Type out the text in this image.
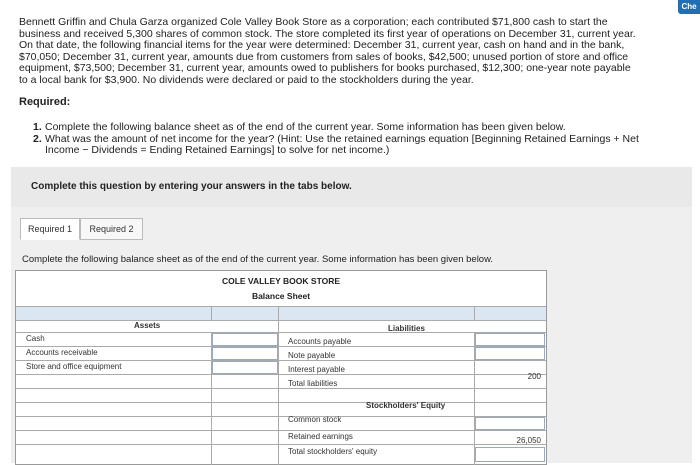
Che
Bennett Griffin and Chula Garza organized Cole Valley Book Store as a corporation; each contributed $71,800 cash to start the business and received 5,300 shares of common stock. The store completed its first year of operations on December 31, current year. On that date, the following financial items for the year were determined: December 31, current year, cash on hand and in the bank, $70,050; December 31, current year, amounts due from customers from sales of books, $42,500; unused portion of store and office equipment, $73,500; December 31, current year, amounts owed to publishers for books purchased, $12,300; one-year note payable to a local bank for $3,900. No dividends were declared or paid to the stockholders during the year.
Required:
1. Complete the following balance sheet as of the end of the current year. Some information has been given below.
2. What was the amount of net income for the year? (Hint: Use the retained earnings equation [Beginning Retained Earnings + Net Income − Dividends = Ending Retained Earnings] to solve for net income.)
Complete this question by entering your answers in the tabs below.
Required 1	Required 2
Complete the following balance sheet as of the end of the current year. Some information has been given below.
COLE VALLEY BOOK STORE
Balance Sheet
Assets	Liabilities
Cash
Accounts receivable
Store and office equipment
Accounts payable
Note payable
Interest payable
Total liabilities
200
Stockholders' Equity
Common stock
Retained earnings
Total stockholders' equity
26,050
